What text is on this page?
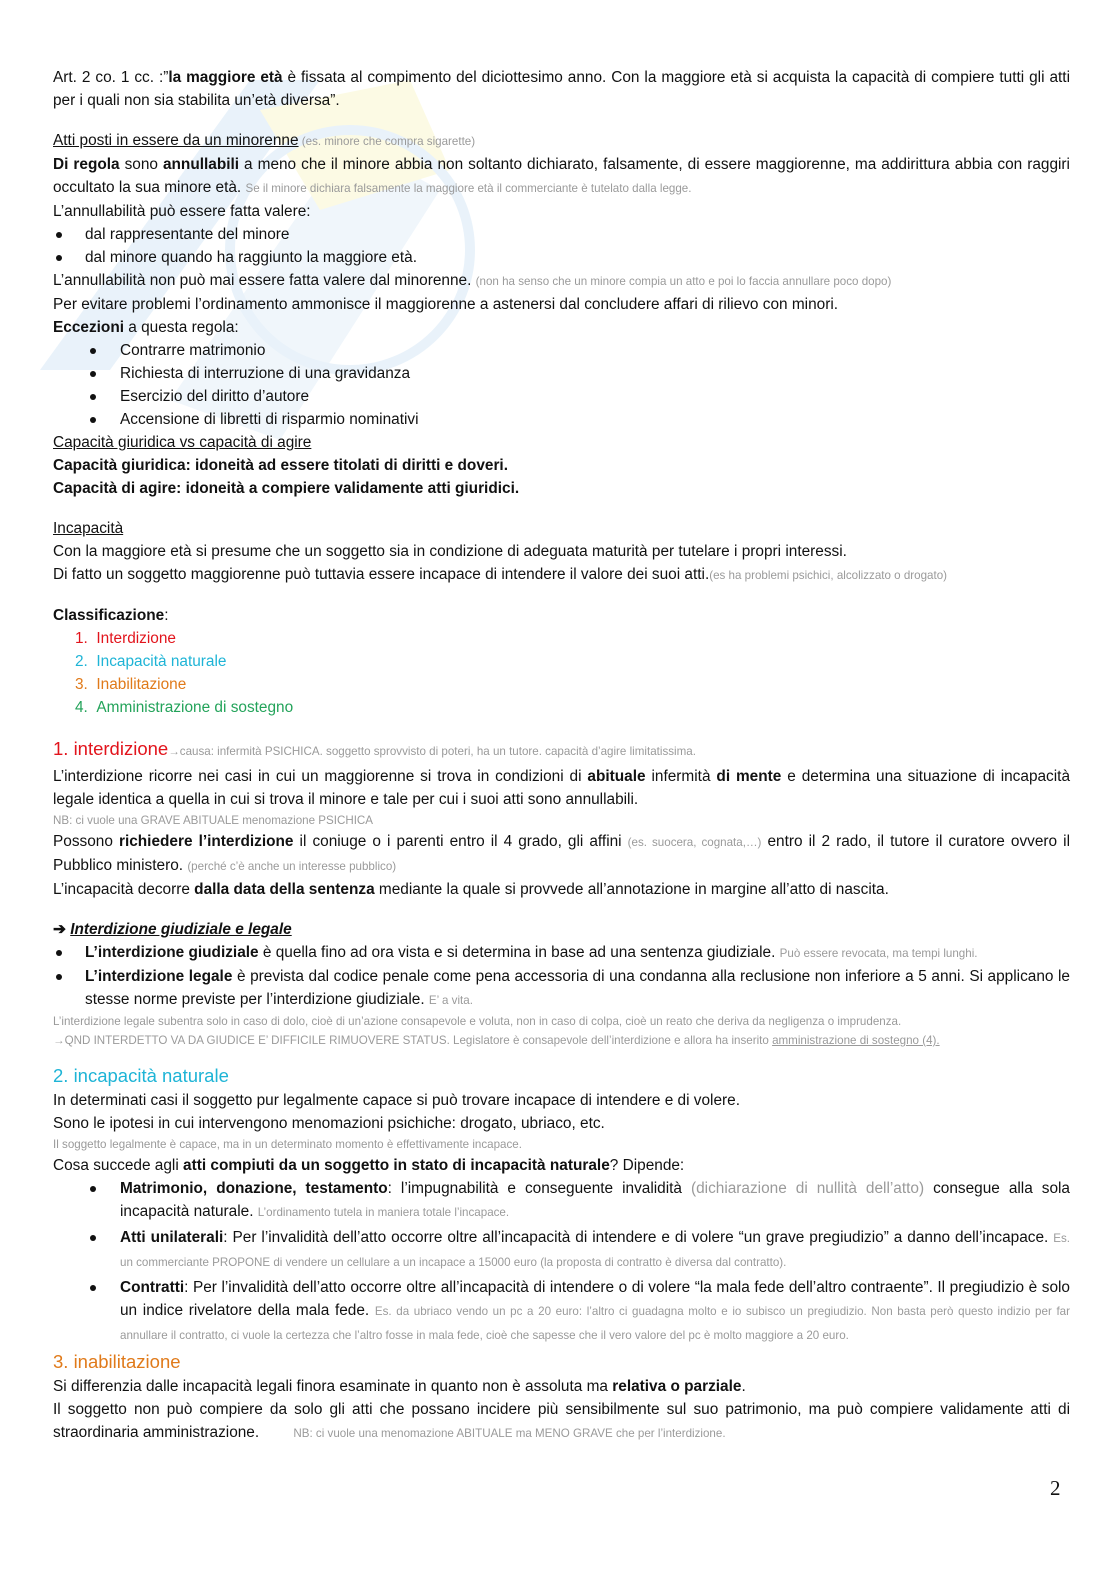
Art. 2 co. 1 cc. :”la maggiore età è fissata al compimento del diciottesimo anno. Con la maggiore età si acquista la capacità di compiere tutti gli atti per i quali non sia stabilita un’età diversa”.

Atti posti in essere da un minorenne (es. minore che compra sigarette)

Di regola sono annullabili a meno che il minore abbia non soltanto dichiarato, falsamente, di essere maggiorenne, ma addirittura abbia con raggiri occultato la sua minore età. Se il minore dichiara falsamente la maggiore età il commerciante è tutelato dalla legge.

L’annullabilità può essere fatta valere:

dal rappresentante del minore
dal minore quando ha raggiunto la maggiore età.

L’annullabilità non può mai essere fatta valere dal minorenne. (non ha senso che un minore compia un atto e poi lo faccia annullare poco dopo)

Per evitare problemi l’ordinamento ammonisce il maggiorenne a astenersi dal concludere affari di rilievo con minori.

Eccezioni a questa regola:

Contrarre matrimonio
Richiesta di interruzione di una gravidanza
Esercizio del diritto d’autore
Accensione di libretti di risparmio nominativi

Capacità giuridica vs capacità di agire

Capacità giuridica: idoneità ad essere titolati di diritti e doveri.

Capacità di agire: idoneità a compiere validamente atti giuridici.

Incapacità

Con la maggiore età si presume che un soggetto sia in condizione di adeguata maturità per tutelare i propri interessi.

Di fatto un soggetto maggiorenne può tuttavia essere incapace di intendere il valore dei suoi atti.(es ha problemi psichici, alcolizzato o drogato)

Classificazione:

1. Interdizione
2. Incapacità naturale
3. Inabilitazione
4. Amministrazione di sostegno
1. interdizione→causa: infermità PSICHICA. soggetto sprovvisto di poteri, ha un tutore. capacità d’agire limitatissima.

L’interdizione ricorre nei casi in cui un maggiorenne si trova in condizioni di abituale infermità di mente e determina una situazione di incapacità legale identica a quella in cui si trova il minore e tale per cui i suoi atti sono annullabili.

NB: ci vuole una GRAVE ABITUALE menomazione PSICHICA

Possono richiedere l’interdizione il coniuge o i parenti entro il 4 grado, gli affini (es. suocera, cognata,…) entro il 2 rado, il tutore il curatore ovvero il Pubblico ministero. (perché c’è anche un interesse pubblico)

L’incapacità decorre dalla data della sentenza mediante la quale si provvede all’annotazione in margine all’atto di nascita.

➔ Interdizione giudiziale e legale

L’interdizione giudiziale è quella fino ad ora vista e si determina in base ad una sentenza giudiziale. Può essere revocata, ma tempi lunghi.
L’interdizione legale è prevista dal codice penale come pena accessoria di una condanna alla reclusione non inferiore a 5 anni. Si applicano le stesse norme previste per l’interdizione giudiziale. E’ a vita.

L’interdizione legale subentra solo in caso di dolo, cioè di un’azione consapevole e voluta, non in caso di colpa, cioè un reato che deriva da negligenza o imprudenza.

→QND INTERDETTO VA DA GIUDICE E’ DIFFICILE RIMUOVERE STATUS. Legislatore è consapevole dell’interdizione e allora ha inserito amministrazione di sostegno (4).

2. incapacità naturale

In determinati casi il soggetto pur legalmente capace si può trovare incapace di intendere e di volere.

Sono le ipotesi in cui intervengono menomazioni psichiche: drogato, ubriaco, etc.

Il soggetto legalmente è capace, ma in un determinato momento è effettivamente incapace.

Cosa succede agli atti compiuti da un soggetto in stato di incapacità naturale? Dipende:

Matrimonio, donazione, testamento: l’impugnabilità e conseguente invalidità (dichiarazione di nullità dell’atto) consegue alla sola incapacità naturale. L’ordinamento tutela in maniera totale l’incapace.
Atti unilaterali: Per l’invalidità dell’atto occorre oltre all’incapacità di intendere e di volere “un grave pregiudizio” a danno dell’incapace. Es. un commerciante PROPONE di vendere un cellulare a un incapace a 15000 euro (la proposta di contratto è diversa dal contratto).
Contratti: Per l’invalidità dell’atto occorre oltre all’incapacità di intendere o di volere “la mala fede dell’altro contraente”. Il pregiudizio è solo un indice rivelatore della mala fede. Es. da ubriaco vendo un pc a 20 euro: l’altro ci guadagna molto e io subisco un pregiudizio. Non basta però questo indizio per far annullare il contratto, ci vuole la certezza che l’altro fosse in mala fede, cioè che sapesse che il vero valore del pc è molto maggiore a 20 euro.
3. inabilitazione

Si differenzia dalle incapacità legali finora esaminate in quanto non è assoluta ma relativa o parziale.

Il soggetto non può compiere da solo gli atti che possano incidere più sensibilmente sul suo patrimonio, ma può compiere validamente atti di straordinaria amministrazione.	NB: ci vuole una menomazione ABITUALE ma MENO GRAVE che per l’interdizione.

2
